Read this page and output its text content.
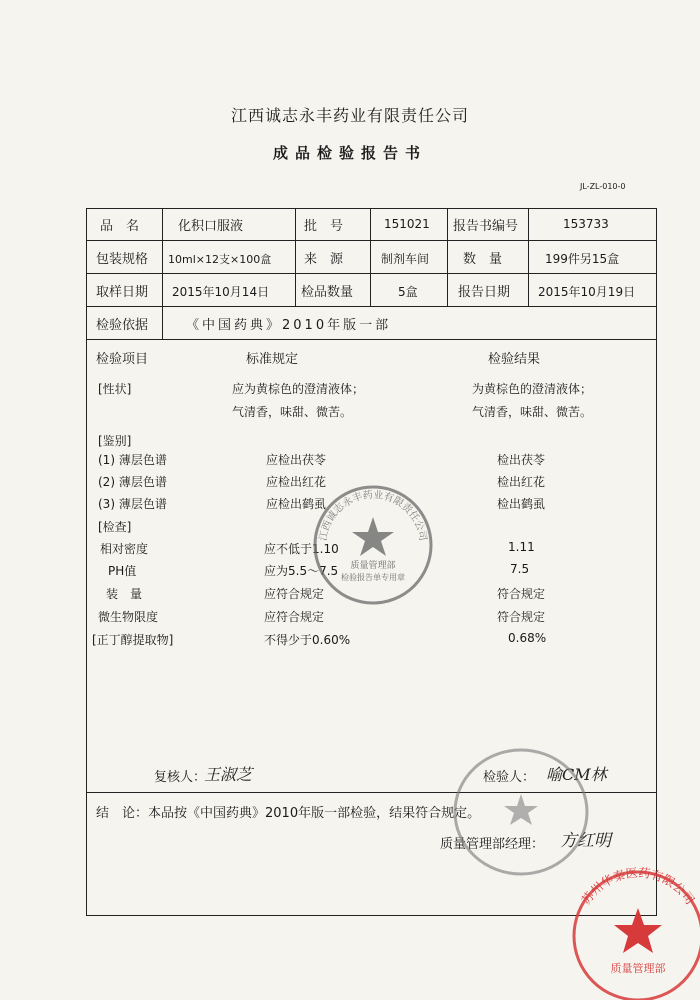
江西诚志永丰药业有限责任公司
成品检验报告书
JL-ZL-010-0
品　名	化积口服液	批　号	151021 报告书编号	153733
包装规格 10ml×12支×100盒	来　源	制剂车间	数　量	199件另15盒
取样日期 2015年10月14日 检品数量	5盒	报告日期 2015年10月19日
检验依据	《中国药典》2010年版一部
检验项目	标准规定	检验结果
[性状]	应为黄棕色的澄清液体；	为黄棕色的澄清液体；
气清香，味甜、微苦。	气清香，味甜、微苦。
[鉴别]
(1) 薄层色谱	应检出茯苓	检出茯苓
(2) 薄层色谱	应检出红花	检出红花
(3) 薄层色谱	应检出鹤虱	检出鹤虱
[检查]
相对密度	应不低于1.10	1.11
PH值	应为5.5～7.5	7.5
装　量	应符合规定	符合规定
微生物限度	应符合规定	符合规定
[正丁醇提取物]	不得少于0.60%	0.68%
复核人：
王淑芝	检验人： 喻CM林
结　论： 本品按《中国药典》2010年版一部检验，结果符合规定。
质量管理部经理： 方红明
江西诚志永丰药业有限责任公司
质量管理部
检验报告单专用章
苏州华秦医药有限公司
质量管理部
